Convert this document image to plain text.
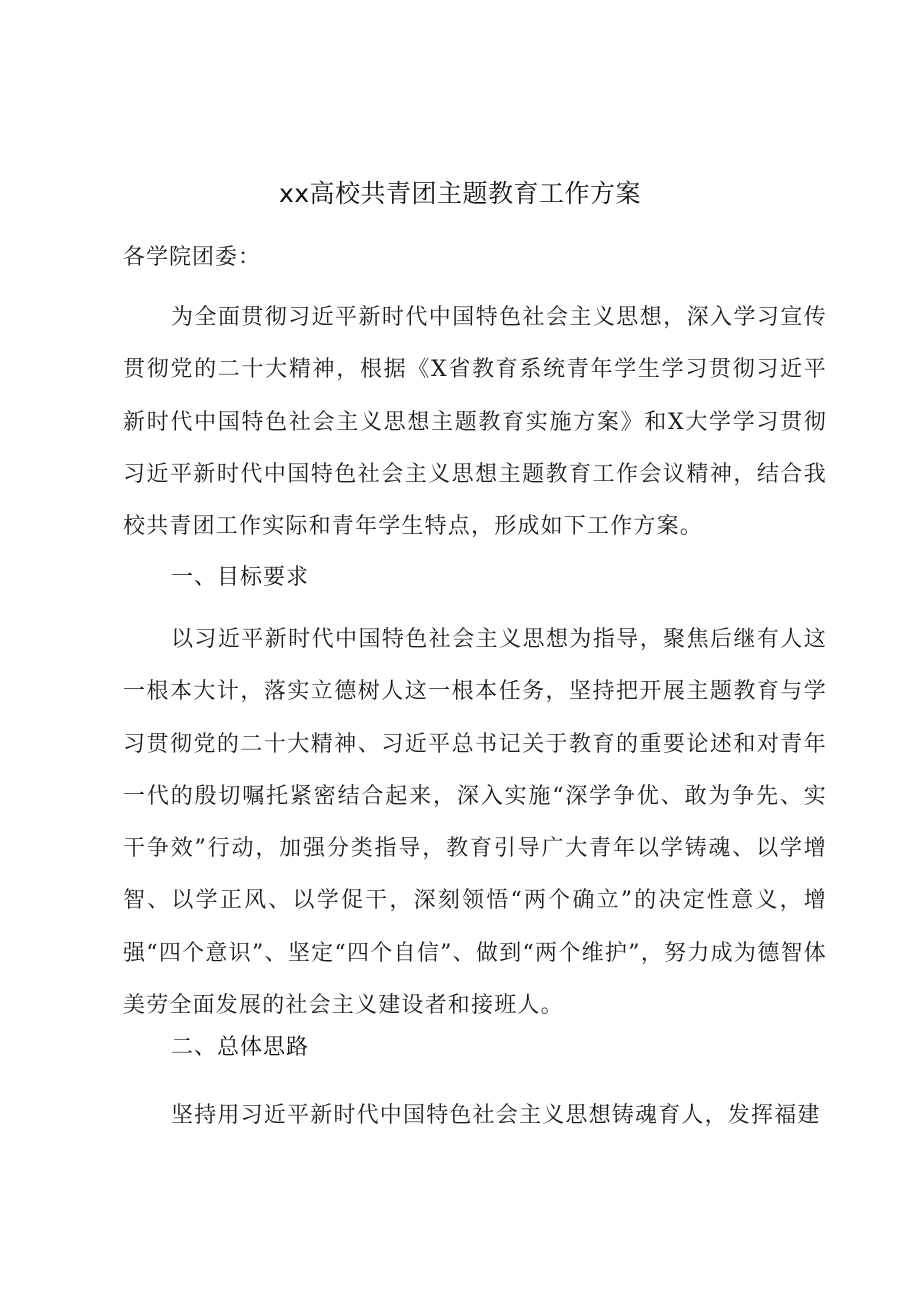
xx高校共青团主题教育工作方案

各学院团委：

为全面贯彻习近平新时代中国特色社会主义思想，深入学习宣传贯彻党的二十大精神，根据《X省教育系统青年学生学习贯彻习近平新时代中国特色社会主义思想主题教育实施方案》和X大学学习贯彻习近平新时代中国特色社会主义思想主题教育工作会议精神，结合我校共青团工作实际和青年学生特点，形成如下工作方案。

一、目标要求

以习近平新时代中国特色社会主义思想为指导，聚焦后继有人这一根本大计，落实立德树人这一根本任务，坚持把开展主题教育与学习贯彻党的二十大精神、习近平总书记关于教育的重要论述和对青年一代的殷切嘱托紧密结合起来，深入实施“深学争优、敢为争先、实干争效”行动，加强分类指导，教育引导广大青年以学铸魂、以学增智、以学正风、以学促干，深刻领悟“两个确立”的决定性意义，增强“四个意识”、坚定“四个自信”、做到“两个维护”，努力成为德智体美劳全面发展的社会主义建设者和接班人。

二、总体思路

坚持用习近平新时代中国特色社会主义思想铸魂育人，发挥福建
